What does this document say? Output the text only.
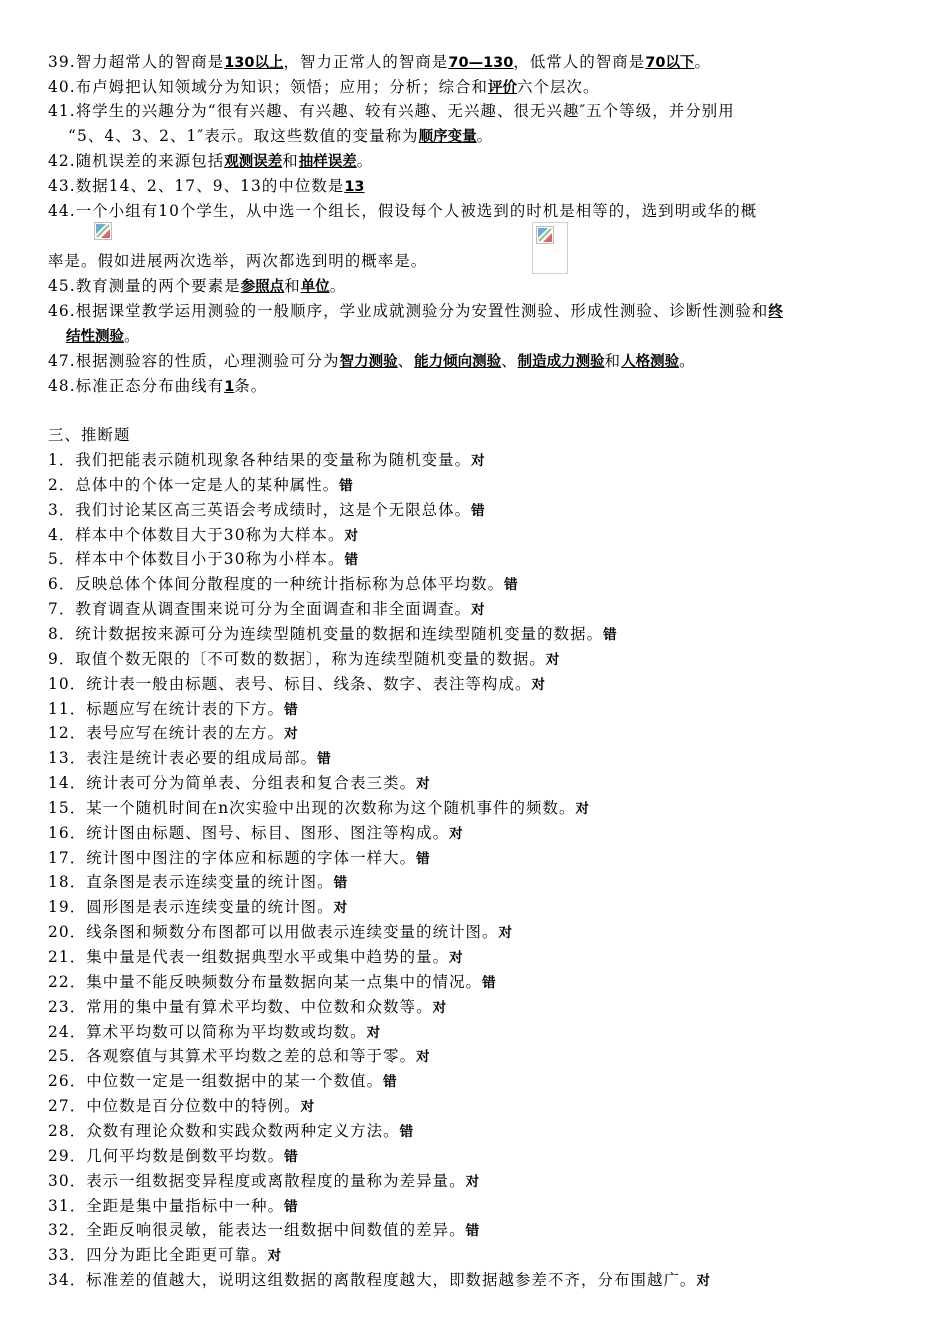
39.智力超常人的智商是130以上，智力正常人的智商是70—130，低常人的智商是70以下。
40.布卢姆把认知领域分为知识；领悟；应用；分析；综合和评价六个层次。
41.将学生的兴趣分为“很有兴趣、有兴趣、较有兴趣、无兴趣、很无兴趣″五个等级，并分别用
“5、4、3、2、1″表示。取这些数值的变量称为顺序变量。
42.随机误差的来源包括观测误差和抽样误差。
43.数据14、2、17、9、13的中位数是13
44.一个小组有10个学生，从中选一个组长，假设每个人被选到的时机是相等的，选到明或华的概
率是。假如进展两次选举，两次都选到明的概率是。
45.教育测量的两个要素是参照点和单位。
46.根据课堂教学运用测验的一般顺序，学业成就测验分为安置性测验、形成性测验、诊断性测验和终
结性测验。
47.根据测验容的性质，心理测验可分为智力测验、能力倾向测验、制造成力测验和人格测验。
48.标准正态分布曲线有1条。
三、推断题
1．我们把能表示随机现象各种结果的变量称为随机变量。对
2．总体中的个体一定是人的某种属性。错
3．我们讨论某区高三英语会考成绩时，这是个无限总体。错
4．样本中个体数目大于30称为大样本。对
5．样本中个体数目小于30称为小样本。错
6．反映总体个体间分散程度的一种统计指标称为总体平均数。错
7．教育调查从调查围来说可分为全面调查和非全面调查。对
8．统计数据按来源可分为连续型随机变量的数据和连续型随机变量的数据。错
9．取值个数无限的〔不可数的数据〕，称为连续型随机变量的数据。对
10．统计表一般由标题、表号、标目、线条、数字、表注等构成。对
11．标题应写在统计表的下方。错
12．表号应写在统计表的左方。对
13．表注是统计表必要的组成局部。错
14．统计表可分为简单表、分组表和复合表三类。对
15．某一个随机时间在n次实验中出现的次数称为这个随机事件的频数。对
16．统计图由标题、图号、标目、图形、图注等构成。对
17．统计图中图注的字体应和标题的字体一样大。错
18．直条图是表示连续变量的统计图。错
19．圆形图是表示连续变量的统计图。对
20．线条图和频数分布图都可以用做表示连续变量的统计图。对
21．集中量是代表一组数据典型水平或集中趋势的量。对
22．集中量不能反映频数分布量数据向某一点集中的情况。错
23．常用的集中量有算术平均数、中位数和众数等。对
24．算术平均数可以简称为平均数或均数。对
25．各观察值与其算术平均数之差的总和等于零。对
26．中位数一定是一组数据中的某一个数值。错
27．中位数是百分位数中的特例。对
28．众数有理论众数和实践众数两种定义方法。错
29．几何平均数是倒数平均数。错
30．表示一组数据变异程度或离散程度的量称为差异量。对
31．全距是集中量指标中一种。错
32．全距反响很灵敏，能表达一组数据中间数值的差异。错
33．四分为距比全距更可靠。对
34．标准差的值越大，说明这组数据的离散程度越大，即数据越参差不齐，分布围越广。对
